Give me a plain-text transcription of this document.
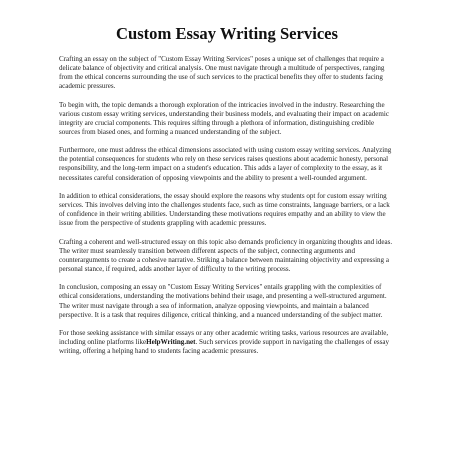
Custom Essay Writing Services

Crafting an essay on the subject of "Custom Essay Writing Services" poses a unique set of challenges that require a delicate balance of objectivity and critical analysis. One must navigate through a multitude of perspectives, ranging from the ethical concerns surrounding the use of such services to the practical benefits they offer to students facing academic pressures.

To begin with, the topic demands a thorough exploration of the intricacies involved in the industry. Researching the various custom essay writing services, understanding their business models, and evaluating their impact on academic integrity are crucial components. This requires sifting through a plethora of information, distinguishing credible sources from biased ones, and forming a nuanced understanding of the subject.

Furthermore, one must address the ethical dimensions associated with using custom essay writing services. Analyzing the potential consequences for students who rely on these services raises questions about academic honesty, personal responsibility, and the long-term impact on a student's education. This adds a layer of complexity to the essay, as it necessitates careful consideration of opposing viewpoints and the ability to present a well-rounded argument.

In addition to ethical considerations, the essay should explore the reasons why students opt for custom essay writing services. This involves delving into the challenges students face, such as time constraints, language barriers, or a lack of confidence in their writing abilities. Understanding these motivations requires empathy and an ability to view the issue from the perspective of students grappling with academic pressures.

Crafting a coherent and well-structured essay on this topic also demands proficiency in organizing thoughts and ideas. The writer must seamlessly transition between different aspects of the subject, connecting arguments and counterarguments to create a cohesive narrative. Striking a balance between maintaining objectivity and expressing a personal stance, if required, adds another layer of difficulty to the writing process.

In conclusion, composing an essay on "Custom Essay Writing Services" entails grappling with the complexities of ethical considerations, understanding the motivations behind their usage, and presenting a well-structured argument. The writer must navigate through a sea of information, analyze opposing viewpoints, and maintain a balanced perspective. It is a task that requires diligence, critical thinking, and a nuanced understanding of the subject matter.

For those seeking assistance with similar essays or any other academic writing tasks, various resources are available, including online platforms likeHelpWriting.net. Such services provide support in navigating the challenges of essay writing, offering a helping hand to students facing academic pressures.
